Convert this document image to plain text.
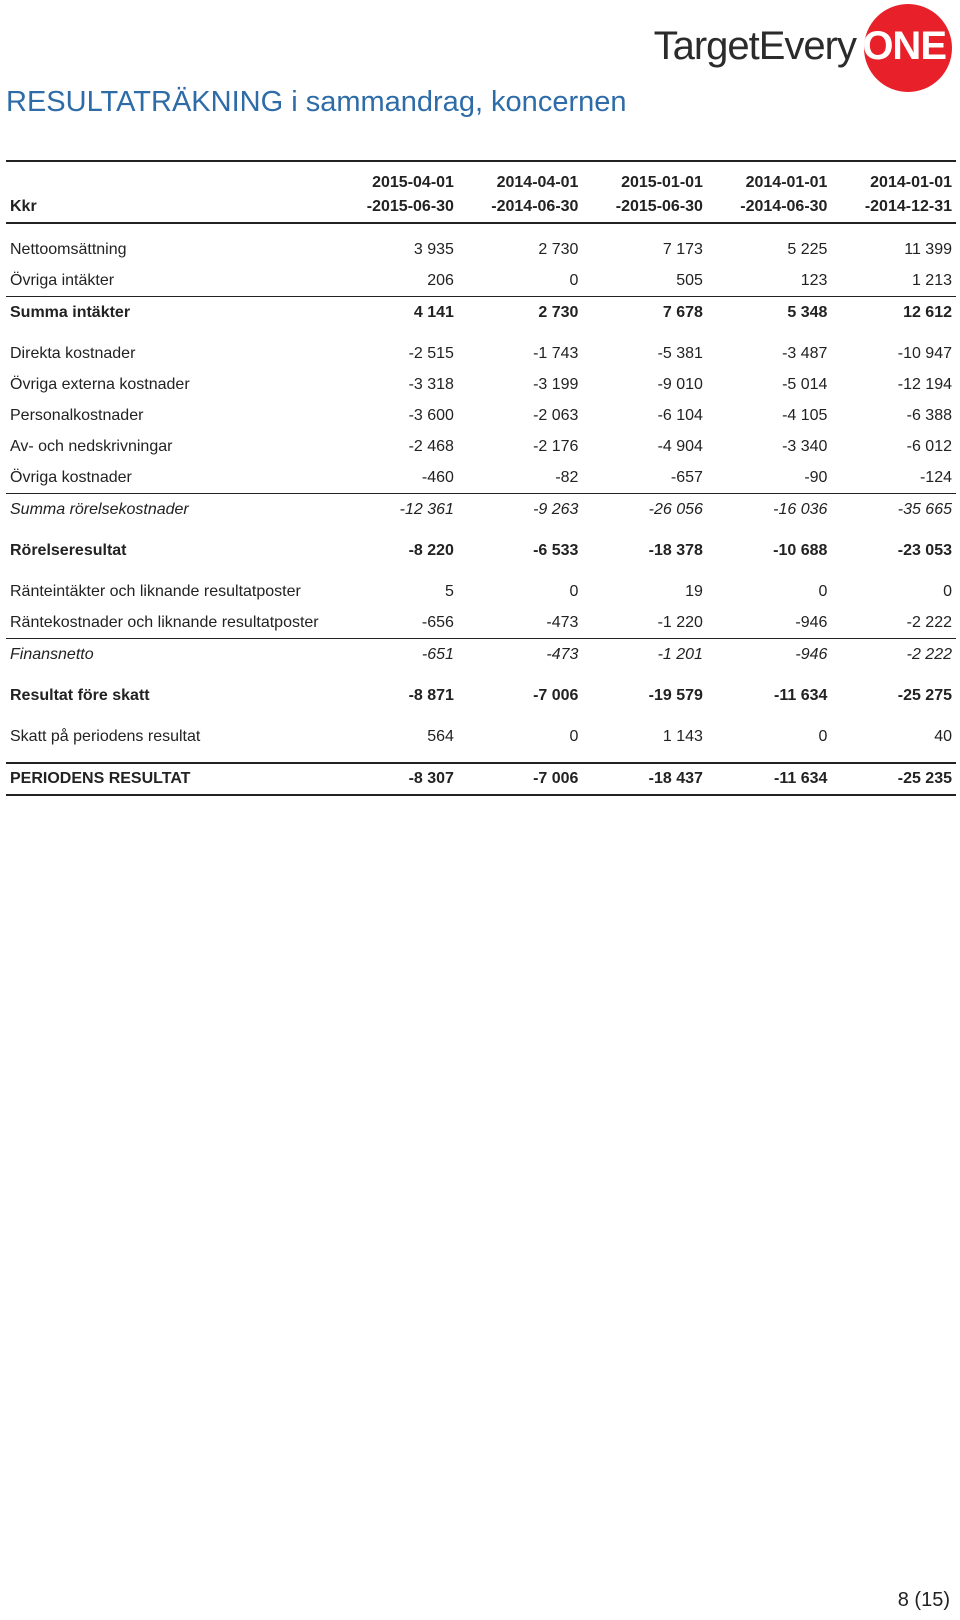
TargetEvery ONE
RESULTATRÄKNING i sammandrag, koncernen
	2015-04-01	2014-04-01	2015-01-01	2014-01-01	2014-01-01
Kkr	-2015-06-30	-2014-06-30	-2015-06-30	-2014-06-30	-2014-12-31

Nettoomsättning	3 935	2 730	7 173	5 225	11 399
Övriga intäkter	206	0	505	123	1 213
Summa intäkter	4 141	2 730	7 678	5 348	12 612

Direkta kostnader	-2 515	-1 743	-5 381	-3 487	-10 947
Övriga externa kostnader	-3 318	-3 199	-9 010	-5 014	-12 194
Personalkostnader	-3 600	-2 063	-6 104	-4 105	-6 388
Av- och nedskrivningar	-2 468	-2 176	-4 904	-3 340	-6 012
Övriga kostnader	-460	-82	-657	-90	-124
Summa rörelsekostnader	-12 361	-9 263	-26 056	-16 036	-35 665

Rörelseresultat	-8 220	-6 533	-18 378	-10 688	-23 053

Ränteintäkter och liknande resultatposter	5	0	19	0	0
Räntekostnader och liknande resultatposter	-656	-473	-1 220	-946	-2 222
Finansnetto	-651	-473	-1 201	-946	-2 222

Resultat före skatt	-8 871	-7 006	-19 579	-11 634	-25 275

Skatt på periodens resultat	564	0	1 143	0	40

PERIODENS RESULTAT	-8 307	-7 006	-18 437	-11 634	-25 235
8 (15)
